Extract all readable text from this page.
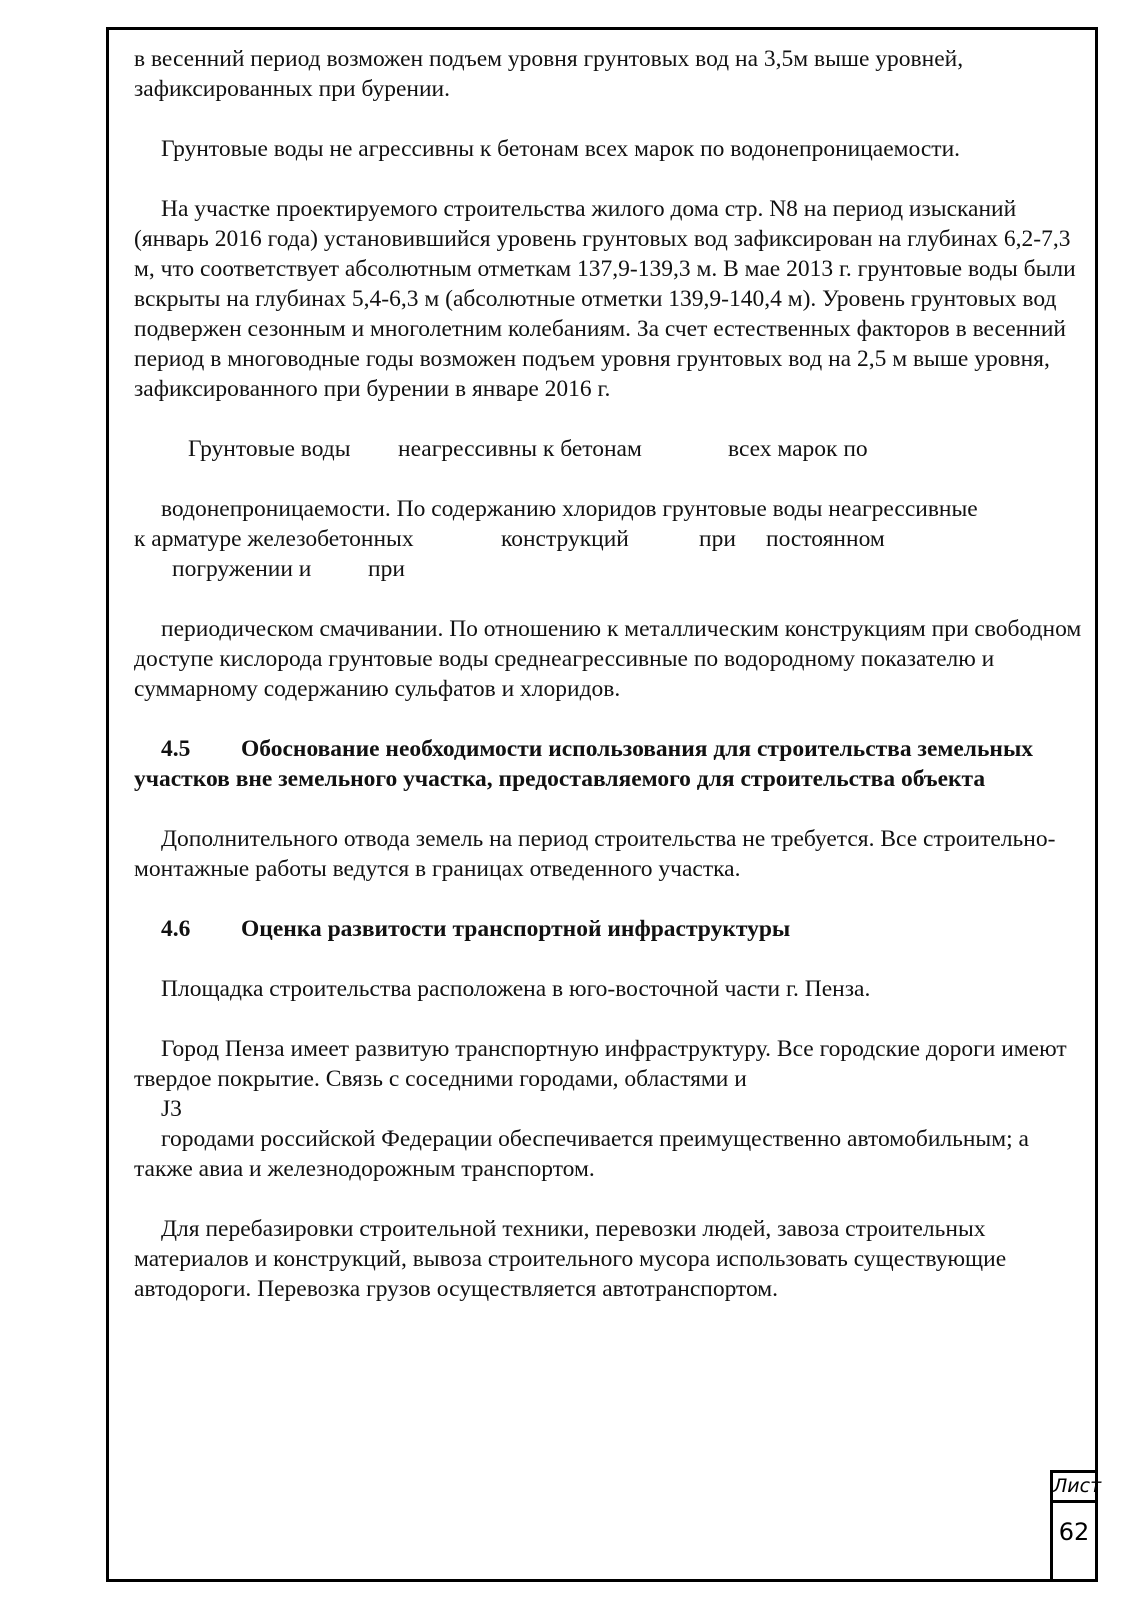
в весенний период возможен подъем уровня грунтовых вод на 3,5м выше уровней, зафиксированных при бурении.

Грунтовые воды не агрессивны к бетонам всех марок по водонепроницаемости.

На участке проектируемого строительства жилого дома стр. N8 на период изысканий (январь 2016 года) установившийся уровень грунтовых вод зафиксирован на глубинах 6,2-7,3 м, что соответствует абсолютным отметкам 137,9-139,3 м. В мае 2013 г. грунтовые воды были вскрыты на глубинах 5,4-6,3 м (абсолютные отметки 139,9-140,4 м). Уровень грунтовых вод подвержен сезонным и многолетним колебаниям. За счет естественных факторов в весенний период в многоводные годы возможен подъем уровня грунтовых вод на 2,5 м выше уровня, зафиксированного при бурении в январе 2016 г.

Грунтовые воды неагрессивны к бетонам	всех марок по

водонепроницаемости. По содержанию хлоридов грунтовые воды неагрессивные

к арматуре железобетонных	конструкций	при постоянном

погружении и при

периодическом смачивании. По отношению к металлическим конструкциям при свободном доступе кислорода грунтовые воды среднеагрессивные по водородному показателю и суммарному содержанию сульфатов и хлоридов.

4.5 Обоснование необходимости использования для строительства земельных участков вне земельного участка, предоставляемого для строительства объекта

Дополнительного отвода земель на период строительства не требуется. Все строительно-монтажные работы ведутся в границах отведенного участка.

4.6 Оценка развитости транспортной инфраструктуры

Площадка строительства расположена в юго-восточной части г. Пенза.

Город Пенза имеет развитую транспортную инфраструктуру. Все городские дороги имеют твердое покрытие. Связь с соседними городами, областями и

J3

городами российской Федерации обеспечивается преимущественно автомобильным; а также авиа и железнодорожным транспортом.

Для перебазировки строительной техники, перевозки людей, завоза строительных материалов и конструкций, вывоза строительного мусора использовать существующие автодороги. Перевозка грузов осуществляется автотранспортом.

Лист
62
